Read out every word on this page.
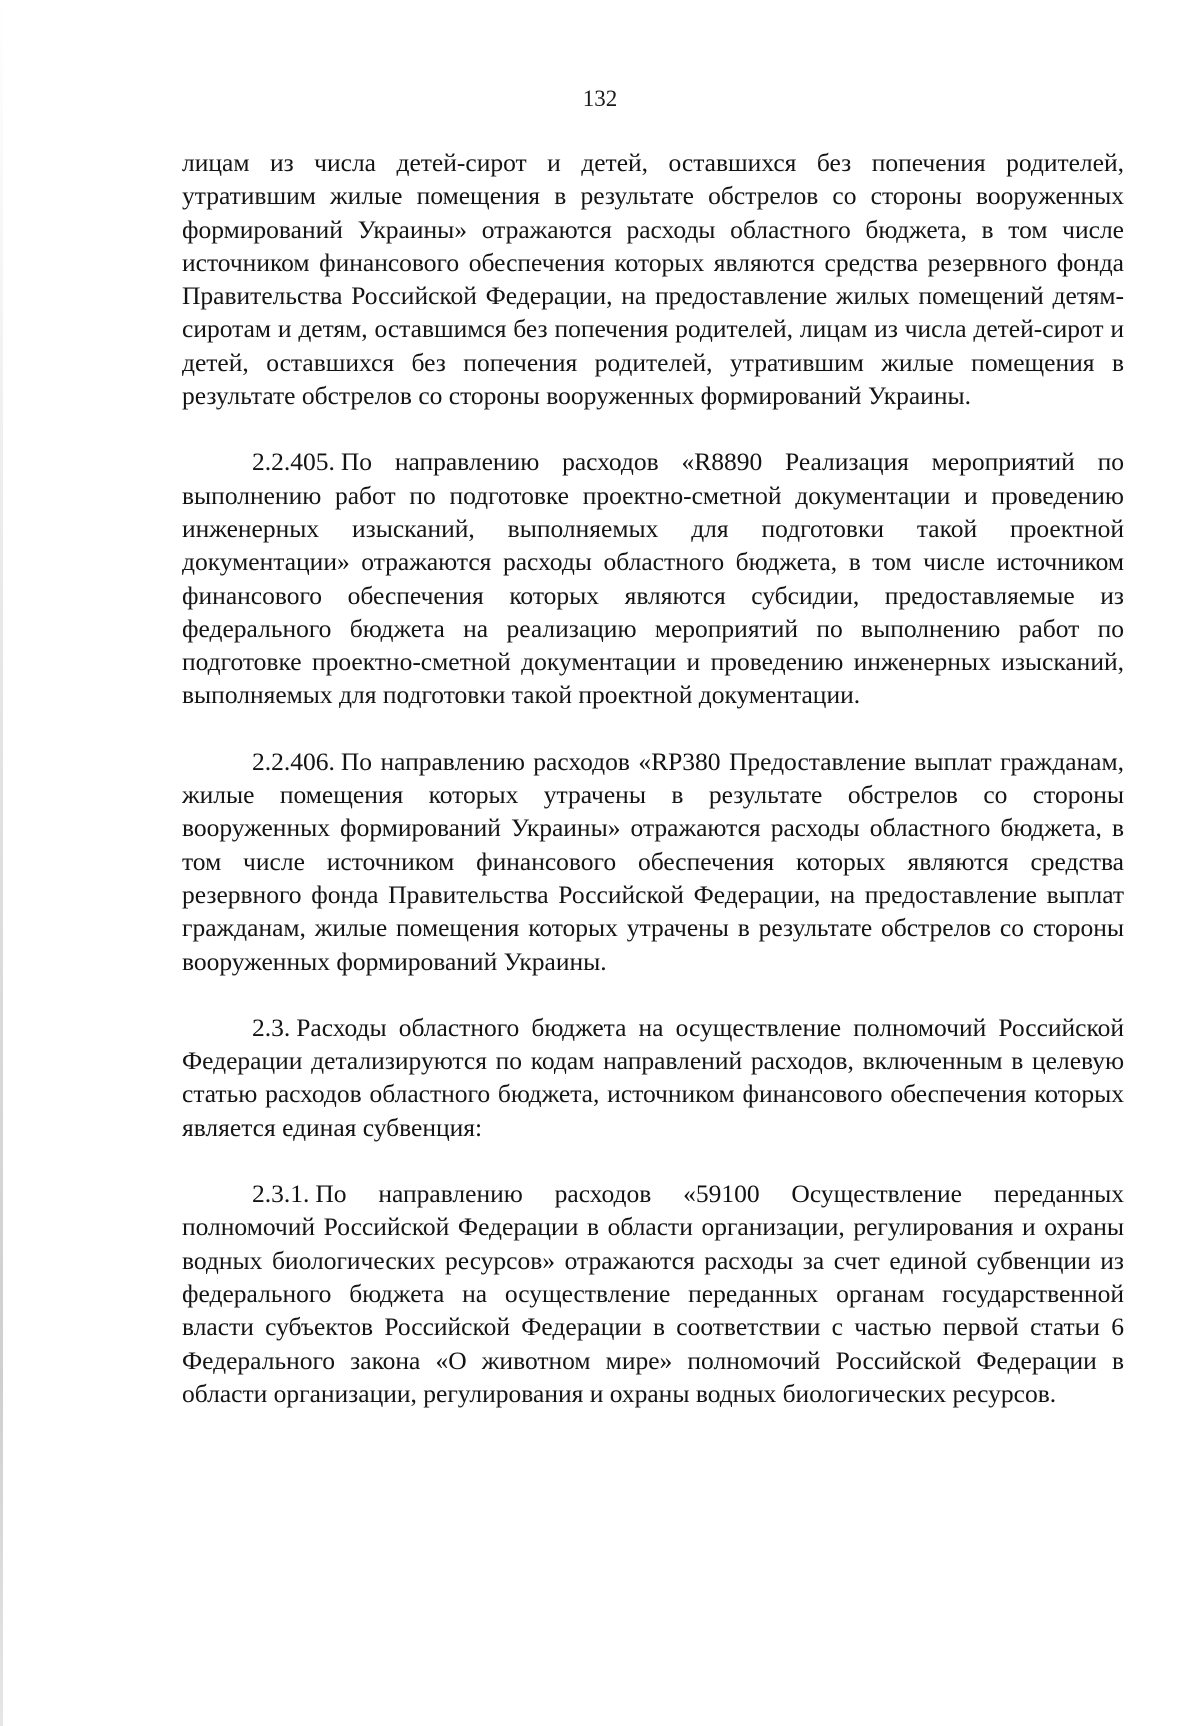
132

лицам из числа детей-сирот и детей, оставшихся без попечения родителей, утратившим жилые помещения в результате обстрелов со стороны вооруженных формирований Украины» отражаются расходы областного бюджета, в том числе источником финансового обеспечения которых являются средства резервного фонда Правительства Российской Федерации, на предоставление жилых помещений детям-сиротам и детям, оставшимся без попечения родителей, лицам из числа детей-сирот и детей, оставшихся без попечения родителей, утратившим жилые помещения в результате обстрелов со стороны вооруженных формирований Украины.

2.2.405. По направлению расходов «R8890 Реализация мероприятий по выполнению работ по подготовке проектно-сметной документации и проведению инженерных изысканий, выполняемых для подготовки такой проектной документации» отражаются расходы областного бюджета, в том числе источником финансового обеспечения которых являются субсидии, предоставляемые из федерального бюджета на реализацию мероприятий по выполнению работ по подготовке проектно-сметной документации и проведению инженерных изысканий, выполняемых для подготовки такой проектной документации.

2.2.406. По направлению расходов «RP380 Предоставление выплат гражданам, жилые помещения которых утрачены в результате обстрелов со стороны вооруженных формирований Украины» отражаются расходы областного бюджета, в том числе источником финансового обеспечения которых являются средства резервного фонда Правительства Российской Федерации, на предоставление выплат гражданам, жилые помещения которых утрачены в результате обстрелов со стороны вооруженных формирований Украины.

2.3. Расходы областного бюджета на осуществление полномочий Российской Федерации детализируются по кодам направлений расходов, включенным в целевую статью расходов областного бюджета, источником финансового обеспечения которых является единая субвенция:

2.3.1. По направлению расходов «59100 Осуществление переданных полномочий Российской Федерации в области организации, регулирования и охраны водных биологических ресурсов» отражаются расходы за счет единой субвенции из федерального бюджета на осуществление переданных органам государственной власти субъектов Российской Федерации в соответствии с частью первой статьи 6 Федерального закона «О животном мире» полномочий Российской Федерации в области организации, регулирования и охраны водных биологических ресурсов.
